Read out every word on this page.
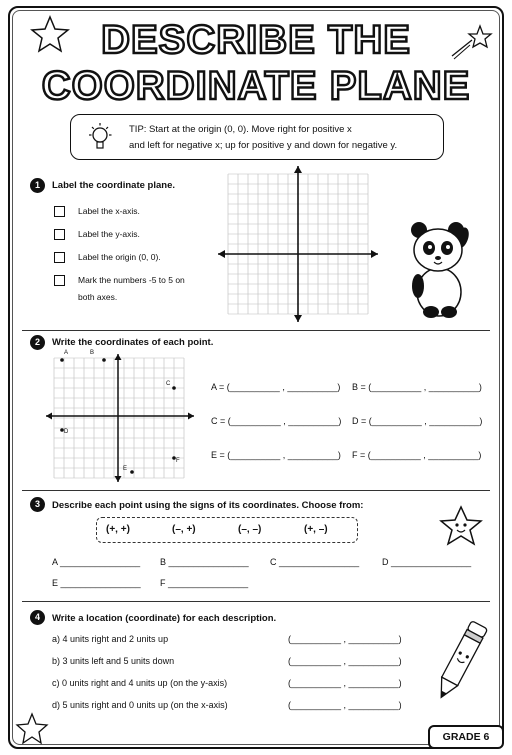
DESCRIBE THE
COORDINATE PLANE
TIP: Start at the origin (0, 0). Move right for positive x
and left for negative x; up for positive y and down for negative y.
1	Label the coordinate plane.
Label the x-axis.
Label the y-axis.
Label the origin (0, 0).
Mark the numbers -5 to 5 on
both axes.
2	Write the coordinates of each point.
A	B
C
D
E
F
A = (__________ , __________) B = (__________ , __________)
C = (__________ , __________) D = (__________ , __________)
E = (__________ , __________) F = (__________ , __________)
3	Describe each point using the signs of its coordinates. Choose from:
(+, +)	(–, +)	(–, –)	(+, –)
A ________________ B ________________ C ________________	D ________________
E ________________ F ________________
4	Write a location (coordinate) for each description.
a) 4 units right and 2 units up	(__________ , __________)
b) 3 units left and 5 units down	(__________ , __________)
c) 0 units right and 4 units up (on the y-axis)	(__________ , __________)
d) 5 units right and 0 units up (on the x-axis)	(__________ , __________)
GRADE 6
